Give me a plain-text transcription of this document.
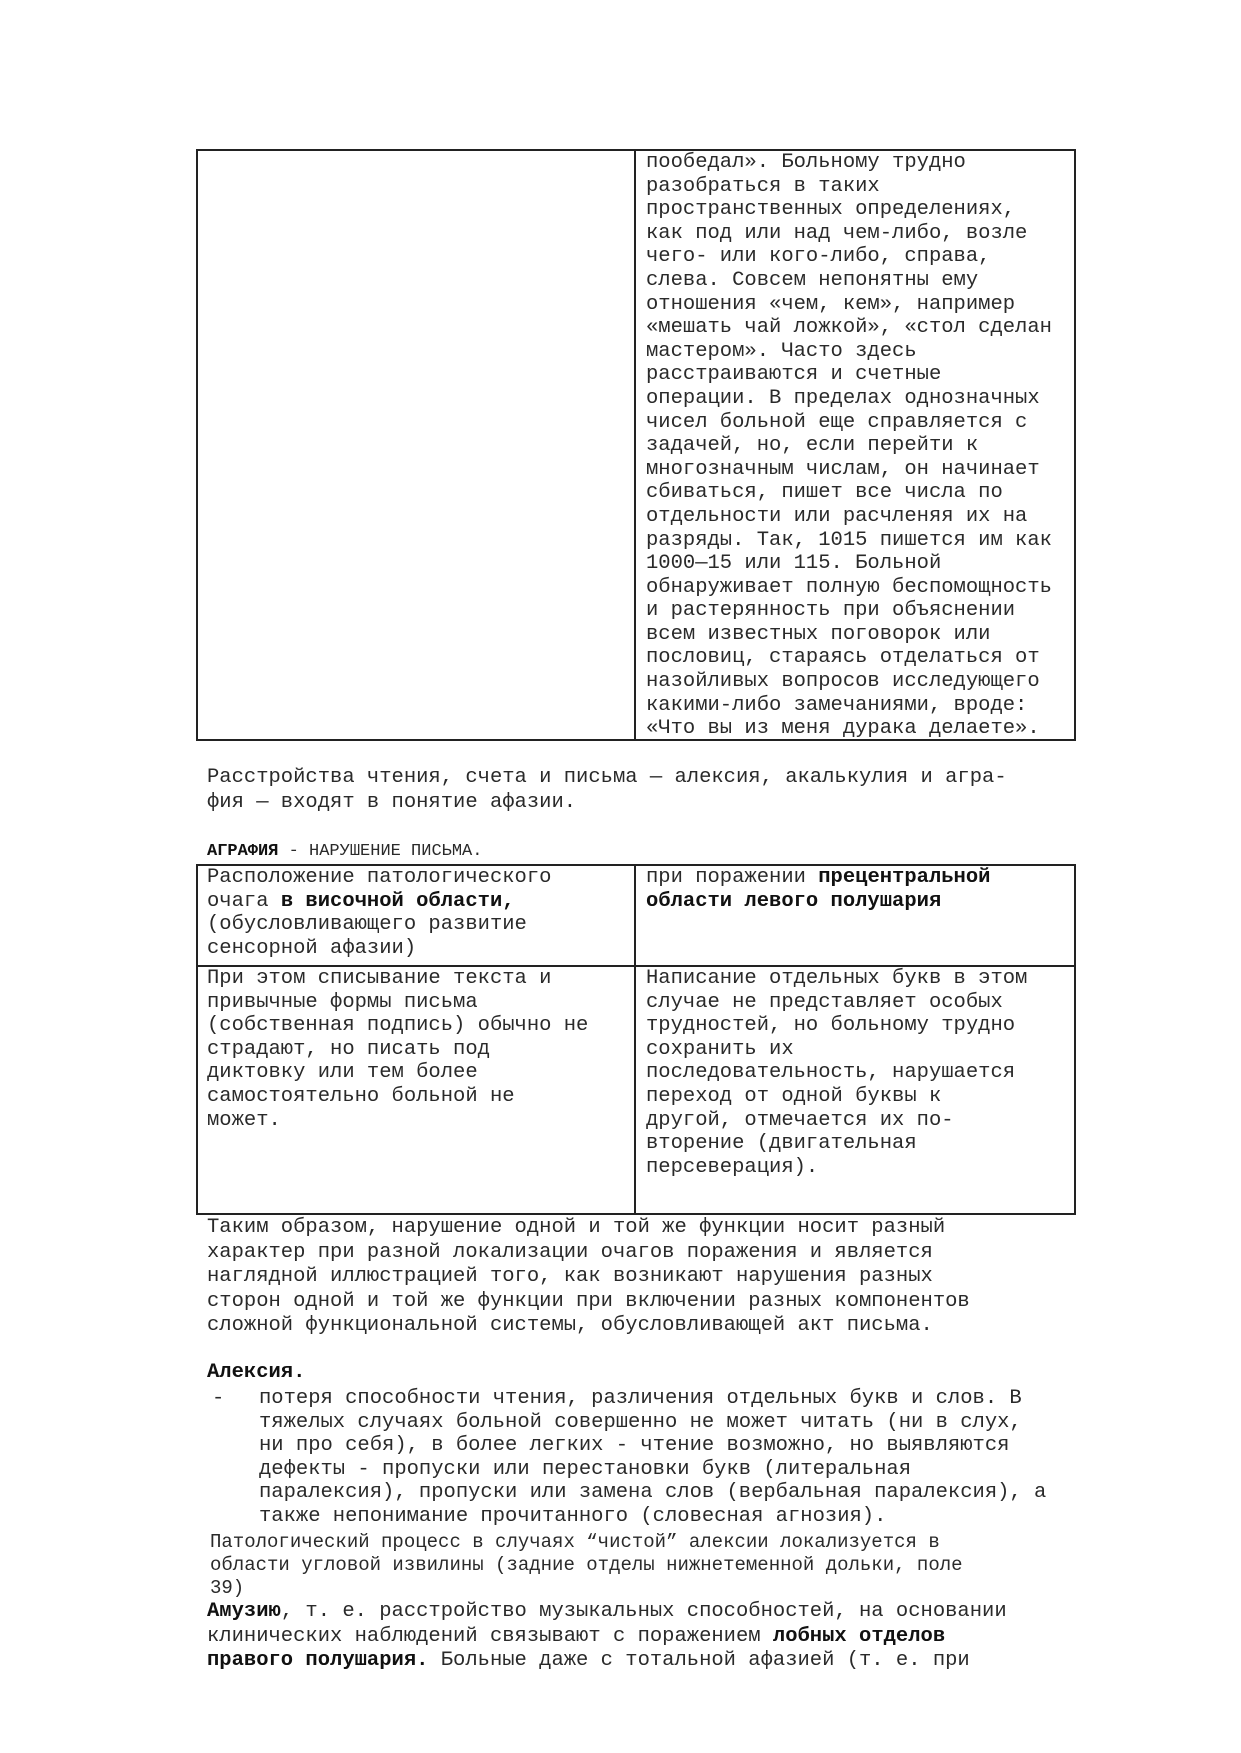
пообедал». Больному трудно
разобраться в таких
пространственных определениях,
как под или над чем-либо, возле
чего- или кого-либо, справа,
слева. Совсем непонятны ему
отношения «чем, кем», например
«мешать чай ложкой», «стол сделан
мастером». Часто здесь
расстраиваются и счетные
операции. В пределах однозначных
чисел больной еще справляется с
задачей, но, если перейти к
многозначным числам, он начинает
сбиваться, пишет все числа по
отдельности или расчленяя их на
разряды. Так, 1015 пишется им как
1000—15 или 115. Больной
обнаруживает полную беспомощность
и растерянность при объяснении
всем известных поговорок или
пословиц, стараясь отделаться от
назойливых вопросов исследующего
какими-либо замечаниями, вроде:
«Что вы из меня дурака делаете».
Расстройства чтения, счета и письма — алексия, акалькулия и агра-
фия — входят в понятие афазии.
АГРАФИЯ - НАРУШЕНИЕ ПИСЬМА.
Расположение патологического
очага в височной области,
(обусловливающего развитие
сенсорной афазии)
при поражении прецентральной
области левого полушария
При этом списывание текста и
привычные формы письма
(собственная подпись) обычно не
страдают, но писать под
диктовку или тем более
самостоятельно больной не
может.
Написание отдельных букв в этом
случае не представляет особых
трудностей, но больному трудно
сохранить их
последовательность, нарушается
переход от одной буквы к
другой, отмечается их по-
вторение (двигательная
персеверация).
Таким образом, нарушение одной и той же функции носит разный
характер при разной локализации очагов поражения и является
наглядной иллюстрацией того, как возникают нарушения разных
сторон одной и той же функции при включении разных компонентов
сложной функциональной системы, обусловливающей акт письма.
Алексия.
- потеря способности чтения, различения отдельных букв и слов. В
тяжелых случаях больной совершенно не может читать (ни в слух,
ни про себя), в более легких - чтение возможно, но выявляются
дефекты - пропуски или перестановки букв (литеральная
паралексия), пропуски или замена слов (вербальная паралексия), а
также непонимание прочитанного (словесная агнозия).
Патологический процесс в случаях “чистой” алексии локализуется в
области угловой извилины (задние отделы нижнетеменной дольки, поле
39)
Амузию, т. е. расстройство музыкальных способностей, на основании
клинических наблюдений связывают с поражением лобных отделов
правого полушария. Больные даже с тотальной афазией (т. е. при
